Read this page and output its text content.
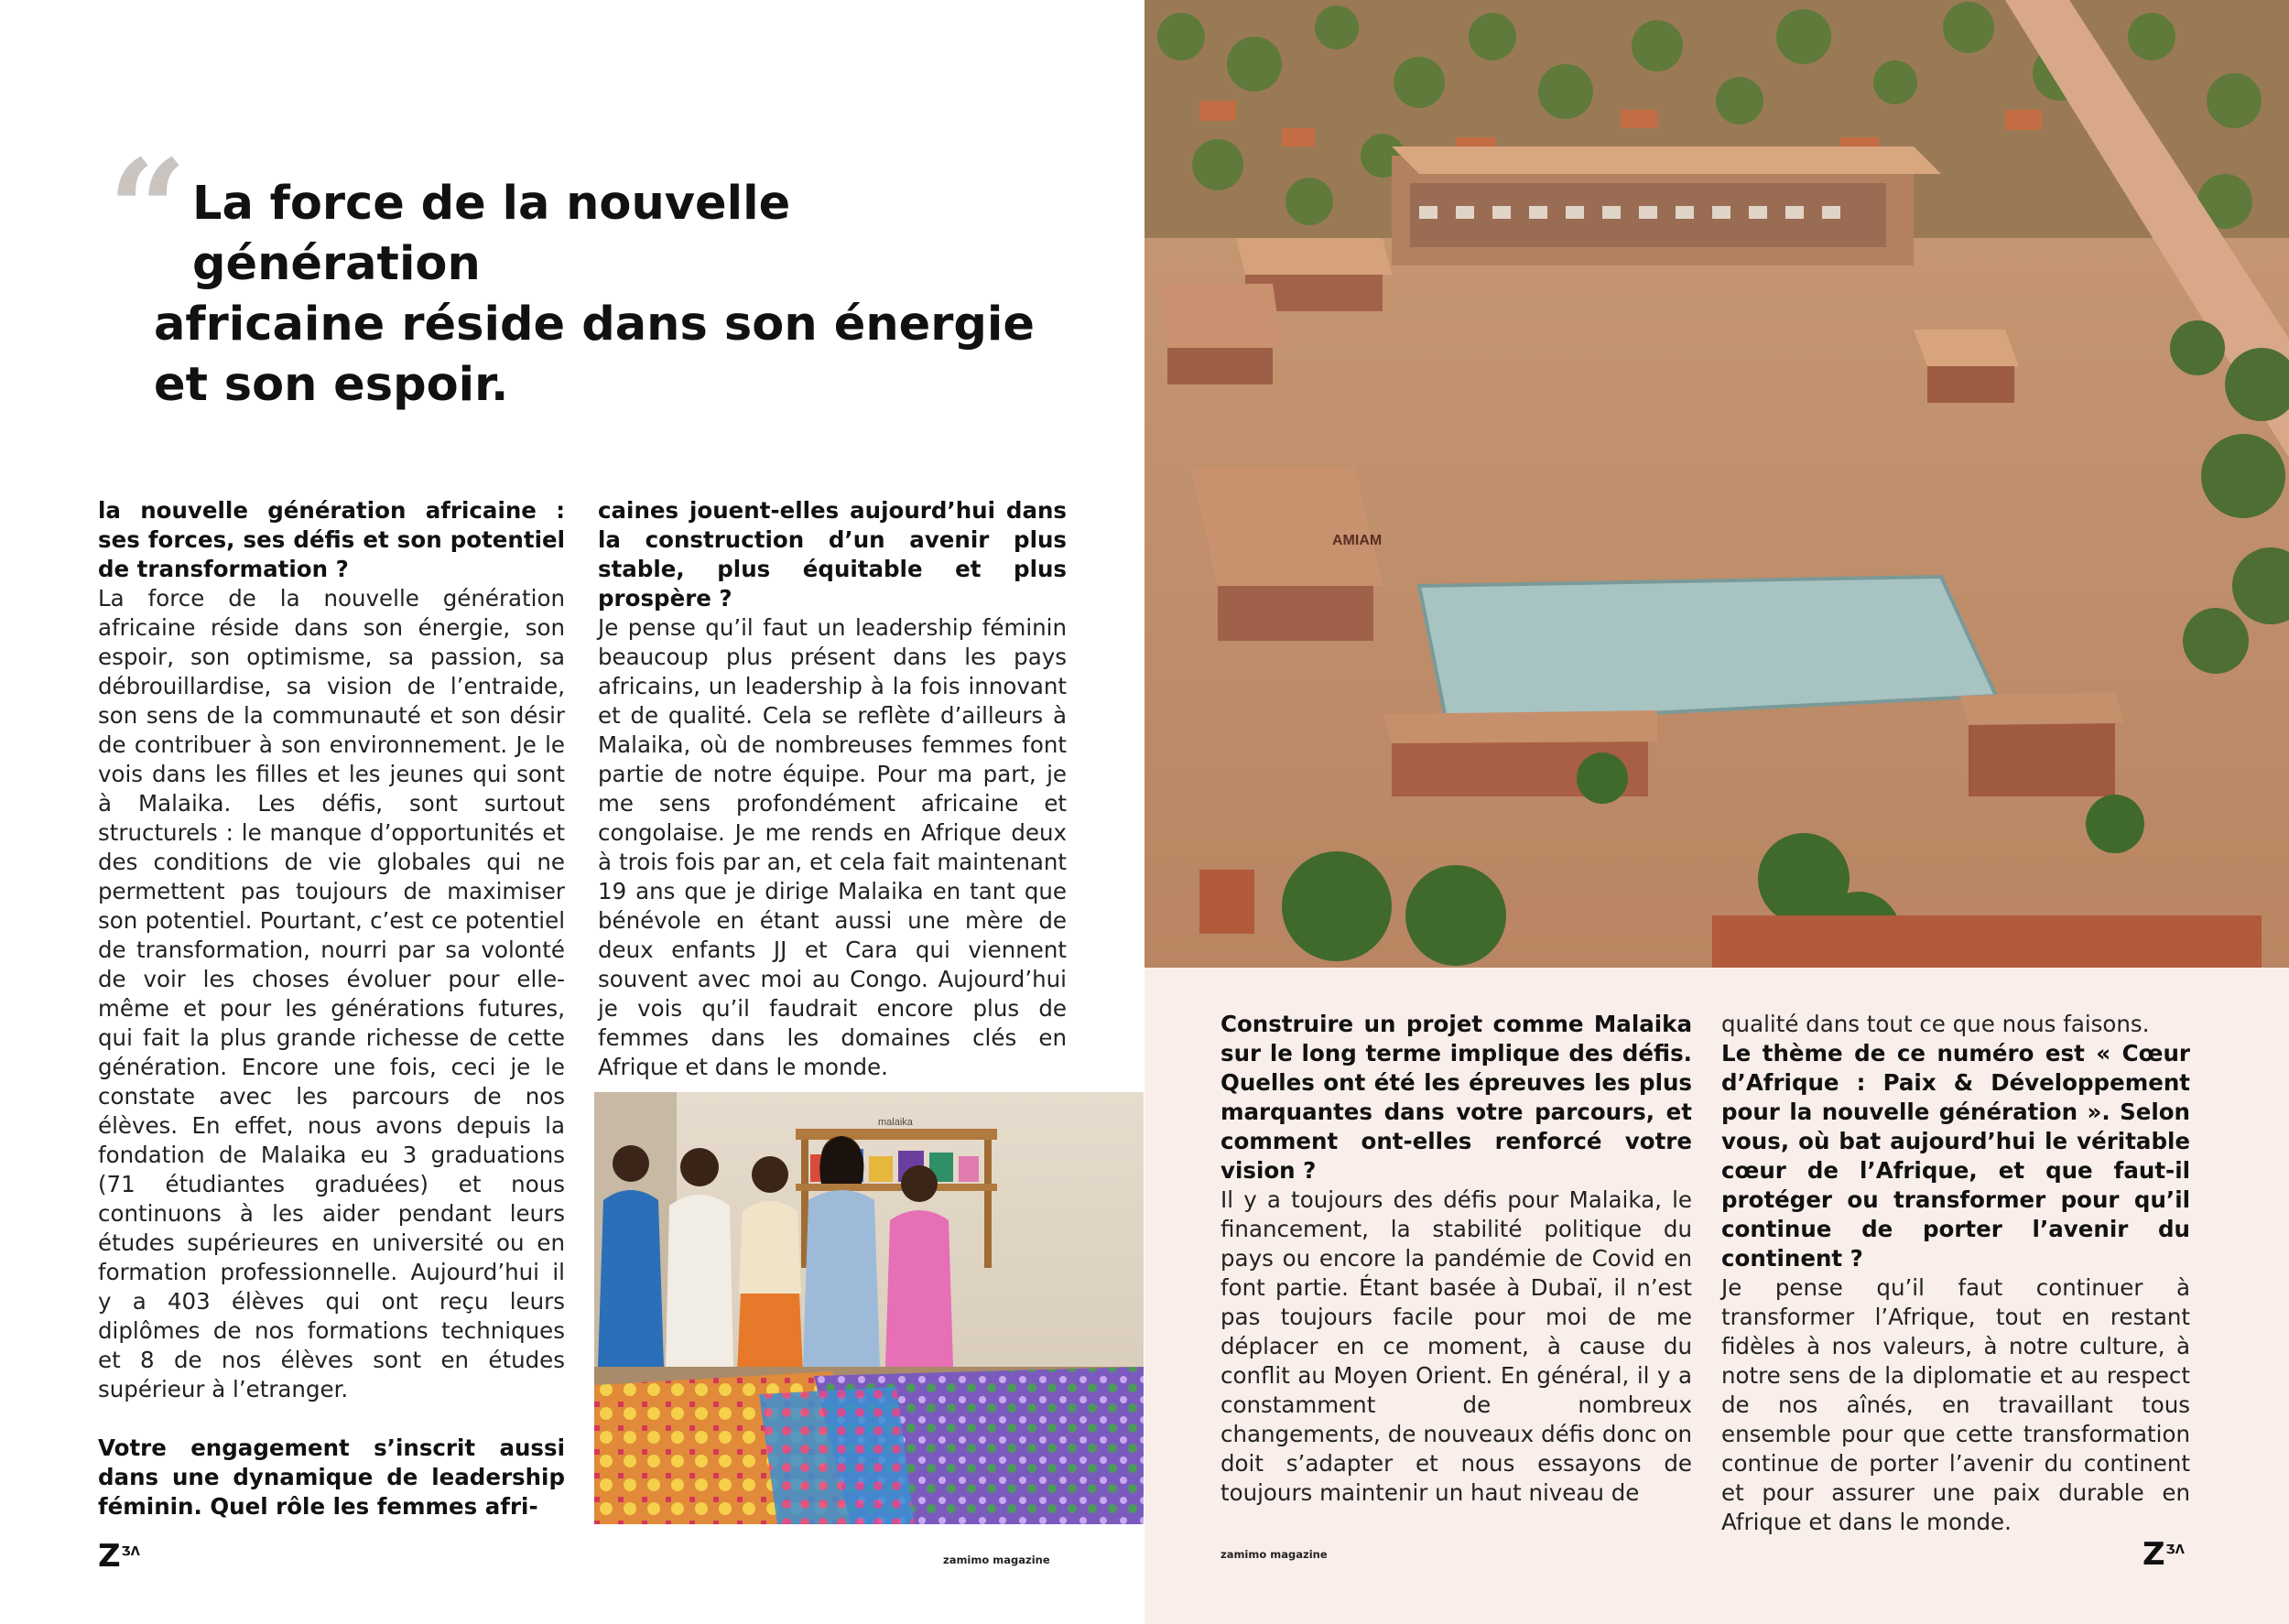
“ La force de la nouvelle génération
africaine réside dans son énergie
et son espoir.

la nouvelle génération africaine : ses forces, ses défis et son potentiel de transformation ?

La force de la nouvelle génération africaine réside dans son énergie, son espoir, son optimisme, sa passion, sa débrouillardise, sa vision de l’entraide, son sens de la communauté et son désir de contribuer à son environnement. Je le vois dans les filles et les jeunes qui sont à Malaika. Les défis, sont surtout structurels : le manque d’opportunités et des conditions de vie globales qui ne permettent pas toujours de maximiser son potentiel. Pourtant, c’est ce potentiel de transformation, nourri par sa volonté de voir les choses évoluer pour elle-même et pour les générations futures, qui fait la plus grande richesse de cette génération. Encore une fois, ceci je le constate avec les parcours de nos élèves. En effet, nous avons depuis la fondation de Malaika eu 3 graduations (71 étudiantes graduées) et nous continuons à les aider pendant leurs études supérieures en université ou en formation professionnelle. Aujourd’hui il y a 403 élèves qui ont reçu leurs diplômes de nos formations techniques et 8 de nos élèves sont en études supérieur à l’etranger.

Votre engagement s’inscrit aussi dans une dynamique de leadership féminin. Quel rôle les femmes afri-

caines jouent-elles aujourd’hui dans la construction d’un avenir plus stable, plus équitable et plus prospère ?

Je pense qu’il faut un leadership féminin beaucoup plus présent dans les pays africains, un leadership à la fois innovant et de qualité. Cela se reflète d’ailleurs à Malaika, où de nombreuses femmes font partie de notre équipe. Pour ma part, je me sens profondément africaine et congolaise. Je me rends en Afrique deux à trois fois par an, et cela fait maintenant 19 ans que je dirige Malaika en tant que bénévole en étant aussi une mère de deux enfants JJ et Cara qui viennent souvent avec moi au Congo. Aujourd’hui je vois qu’il faudrait encore plus de femmes dans les domaines clés en Afrique et dans le monde.

malaika
AMIAM

Construire un projet comme Malaika sur le long terme implique des défis. Quelles ont été les épreuves les plus marquantes dans votre parcours, et comment ont-elles renforcé votre vision ?

Il y a toujours des défis pour Malaika, le financement, la stabilité politique du pays ou encore la pandémie de Covid en font partie. Étant basée à Dubaï, il n’est pas toujours facile pour moi de me déplacer en ce moment, à cause du conflit au Moyen Orient. En général, il y a constamment de nombreux changements, de nouveaux défis donc on doit s’adapter et nous essayons de toujours maintenir un haut niveau de

qualité dans tout ce que nous faisons.

Le thème de ce numéro est « Cœur d’Afrique : Paix & Développement pour la nouvelle génération ». Selon vous, où bat aujourd’hui le véritable cœur de l’Afrique, et que faut-il protéger ou transformer pour qu’il continue de porter l’avenir du continent ?

Je pense qu’il faut continuer à transformer l’Afrique, tout en restant fidèles à nos valeurs, à notre culture, à notre sens de la diplomatie et au respect de nos aînés, en travaillant tous ensemble pour que cette transformation continue de porter l’avenir du continent et pour assurer une paix durable en Afrique et dans le monde.

$Z^{Ʒ\Lambda}$
zamimo magazine	zamimo magazine	$Z^{Ʒ\Lambda}$
